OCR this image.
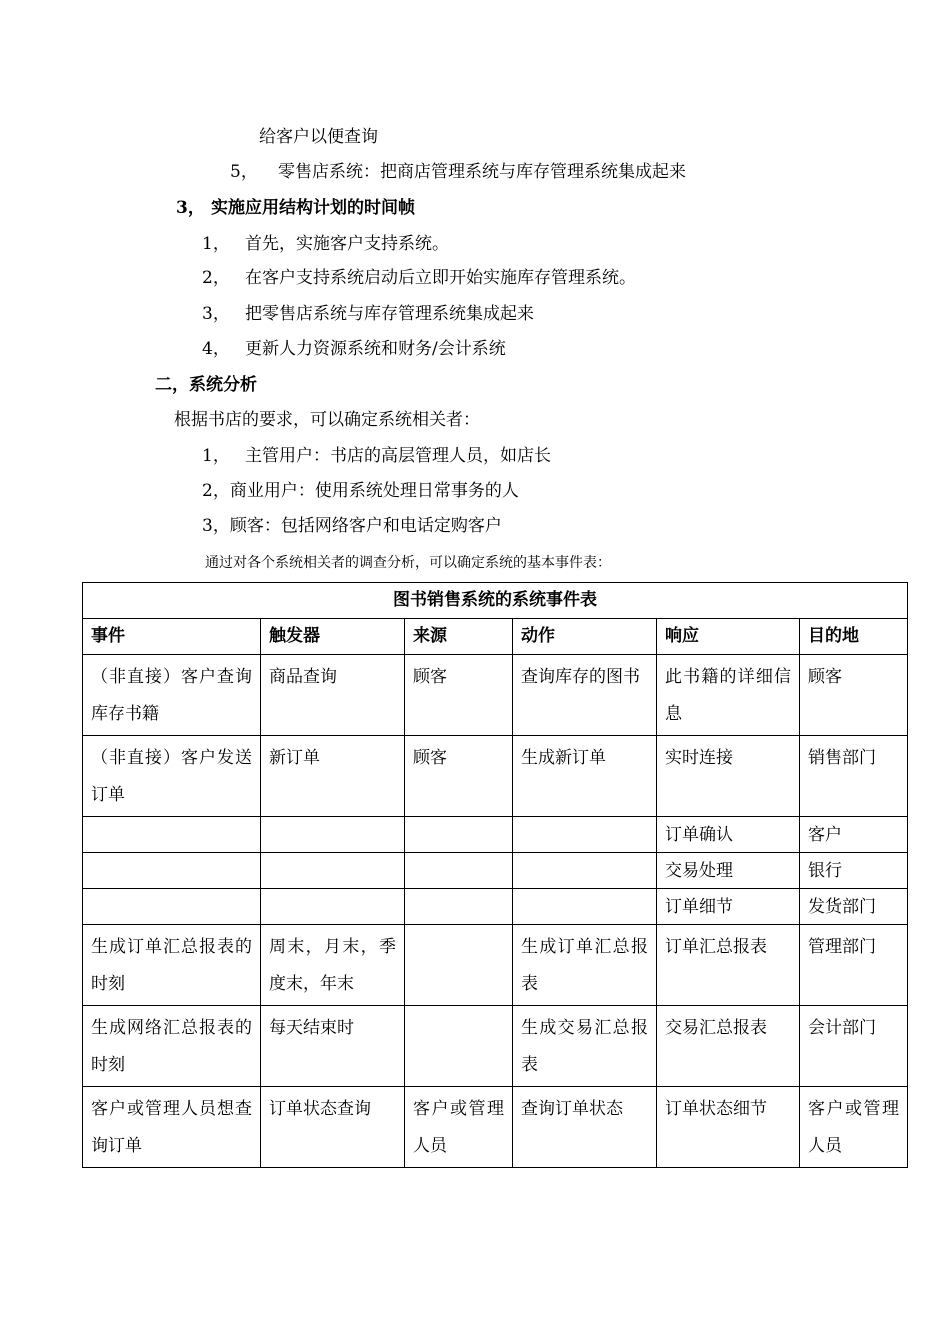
给客户以便查询
5， 零售店系统：把商店管理系统与库存管理系统集成起来
3， 实施应用结构计划的时间帧
1， 首先，实施客户支持系统。
2， 在客户支持系统启动后立即开始实施库存管理系统。
3， 把零售店系统与库存管理系统集成起来
4， 更新人力资源系统和财务/会计系统
二，系统分析
根据书店的要求，可以确定系统相关者：
1， 主管用户：书店的高层管理人员，如店长
2，商业用户：使用系统处理日常事务的人
3，顾客：包括网络客户和电话定购客户
通过对各个系统相关者的调查分析，可以确定系统的基本事件表：
图书销售系统的系统事件表					
事件	触发器	来源	动作	响应	目的地
（非直接）客户查询库存书籍	商品查询	顾客	查询库存的图书	此书籍的详细信息	顾客
（非直接）客户发送订单	新订单	顾客	生成新订单	实时连接	销售部门
				订单确认	客户
				交易处理	银行
				订单细节	发货部门
生成订单汇总报表的时刻	周末，月末，季度末，年末		生成订单汇总报表	订单汇总报表	管理部门
生成网络汇总报表的时刻	每天结束时		生成交易汇总报表	交易汇总报表	会计部门
客户或管理人员想查询订单	订单状态查询	客户或管理人员	查询订单状态	订单状态细节	客户或管理人员
